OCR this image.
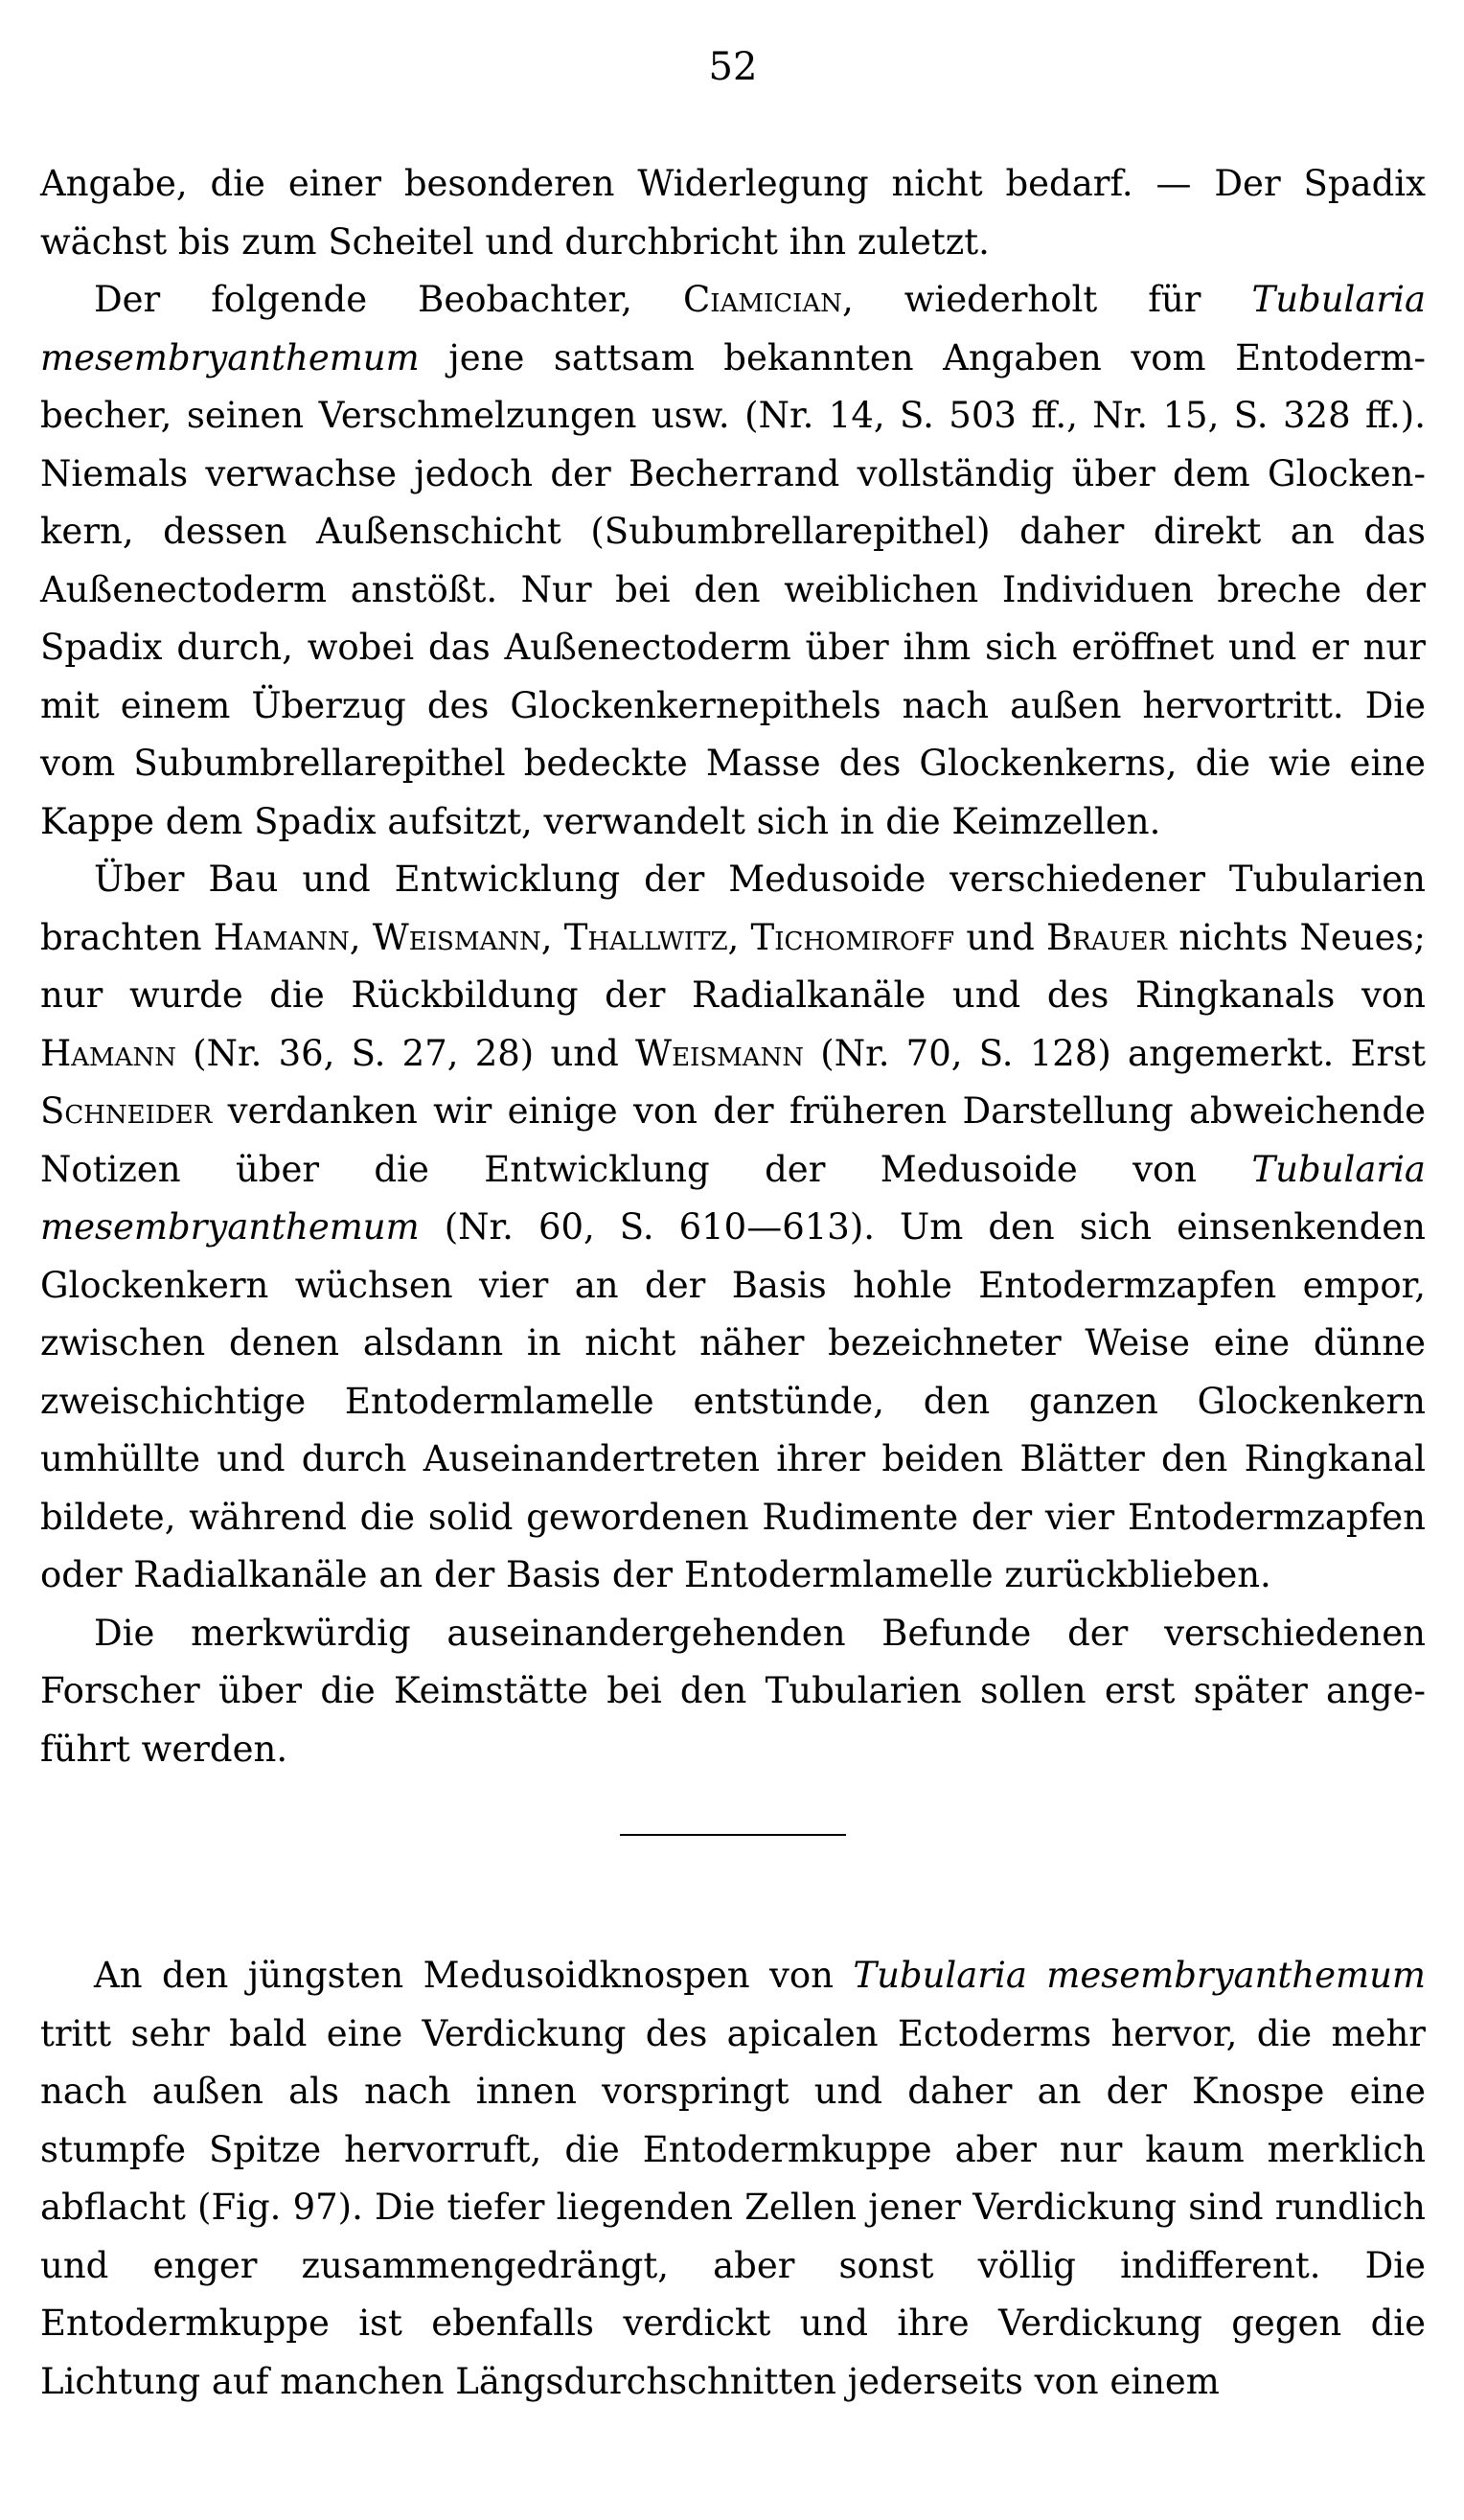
52

Angabe, die einer besonderen Widerlegung nicht bedarf. — Der Spadix wächst bis zum Scheitel und durchbricht ihn zuletzt.

Der folgende Beobachter, Ciamician, wiederholt für Tubularia mesembryanthemum jene sattsam bekannten Angaben vom Entodermbecher, seinen Verschmelzungen usw. (Nr. 14, S. 503 ff., Nr. 15, S. 328 ff.). Niemals verwachse jedoch der Becherrand vollständig über dem Glockenkern, dessen Außenschicht (Subumbrellarepithel) daher direkt an das Außenectoderm anstößt. Nur bei den weiblichen Individuen breche der Spadix durch, wobei das Außenectoderm über ihm sich eröffnet und er nur mit einem Überzug des Glockenkernepithels nach außen hervortritt. Die vom Subumbrellarepithel bedeckte Masse des Glockenkerns, die wie eine Kappe dem Spadix aufsitzt, verwandelt sich in die Keimzellen.

Über Bau und Entwicklung der Medusoide verschiedener Tubularien brachten Hamann, Weismann, Thallwitz, Tichomiroff und Brauer nichts Neues; nur wurde die Rückbildung der Radialkanäle und des Ringkanals von Hamann (Nr. 36, S. 27, 28) und Weismann (Nr. 70, S. 128) angemerkt. Erst Schneider verdanken wir einige von der früheren Darstellung abweichende Notizen über die Entwicklung der Medusoide von Tubularia mesembryanthemum (Nr. 60, S. 610—613). Um den sich einsenkenden Glockenkern wüchsen vier an der Basis hohle Entodermzapfen empor, zwischen denen alsdann in nicht näher bezeichneter Weise eine dünne zweischichtige Entodermlamelle entstünde, den ganzen Glockenkern umhüllte und durch Auseinandertreten ihrer beiden Blätter den Ringkanal bildete, während die solid gewordenen Rudimente der vier Entodermzapfen oder Radialkanäle an der Basis der Entodermlamelle zurückblieben.

Die merkwürdig auseinandergehenden Befunde der verschiedenen Forscher über die Keimstätte bei den Tubularien sollen erst später angeführt werden.

An den jüngsten Medusoidknospen von Tubularia mesembryanthemum tritt sehr bald eine Verdickung des apicalen Ectoderms hervor, die mehr nach außen als nach innen vorspringt und daher an der Knospe eine stumpfe Spitze hervorruft, die Entodermkuppe aber nur kaum merklich abflacht (Fig. 97). Die tiefer liegenden Zellen jener Verdickung sind rundlich und enger zusammengedrängt, aber sonst völlig indifferent. Die Entodermkuppe ist ebenfalls verdickt und ihre Verdickung gegen die Lichtung auf manchen Längsdurchschnitten jederseits von einem
